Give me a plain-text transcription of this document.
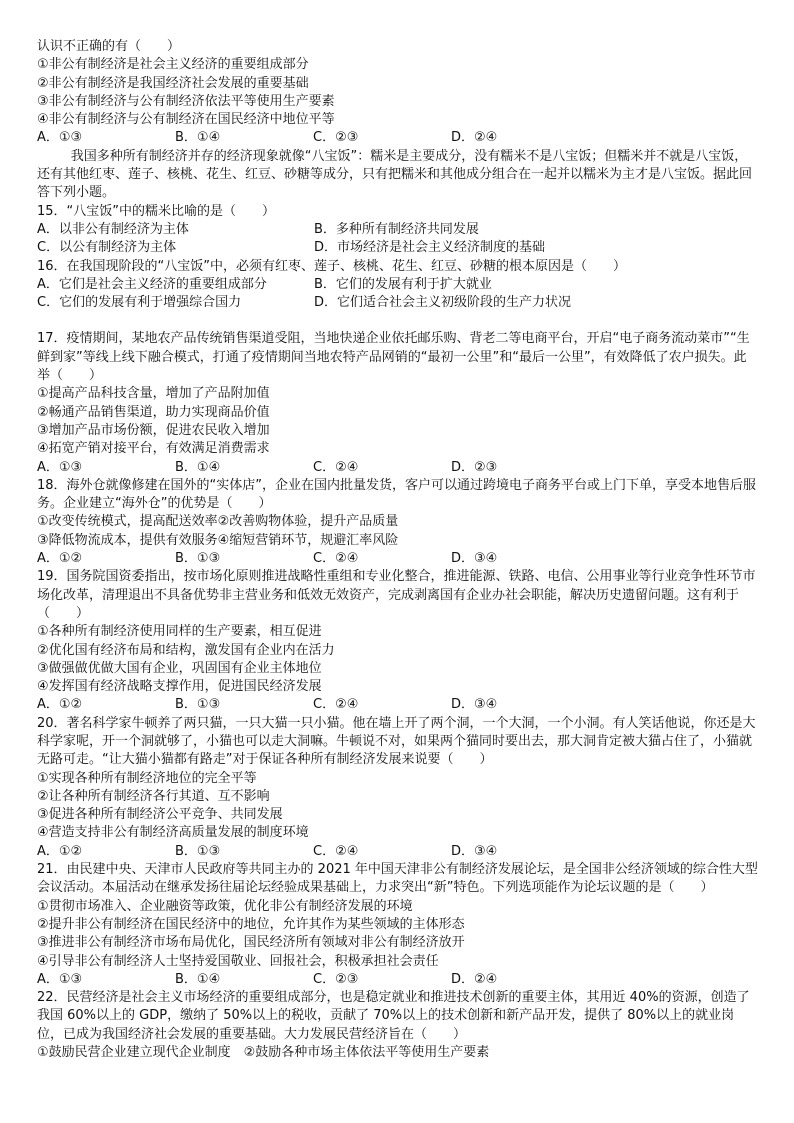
认识不正确的有（　　）
①非公有制经济是社会主义经济的重要组成部分
②非公有制经济是我国经济社会发展的重要基础
③非公有制经济与公有制经济依法平等使用生产要素
④非公有制经济与公有制经济在国民经济中地位平等
A．①③	B．①④	C．②③	D．②④
我国多种所有制经济并存的经济现象就像“八宝饭”：糯米是主要成分，没有糯米不是八宝饭；但糯米并不就是八宝饭，还有其他红枣、莲子、核桃、花生、红豆、砂糖等成分，只有把糯米和其他成分组合在一起并以糯米为主才是八宝饭。据此回答下列小题。
15．“八宝饭”中的糯米比喻的是（　　）
A．以非公有制经济为主体	B．多种所有制经济共同发展
C．以公有制经济为主体	D．市场经济是社会主义经济制度的基础
16．在我国现阶段的“八宝饭”中，必须有红枣、莲子、核桃、花生、红豆、砂糖的根本原因是（　　）
A．它们是社会主义经济的重要组成部分	B．它们的发展有利于扩大就业
C．它们的发展有利于增强综合国力	D．它们适合社会主义初级阶段的生产力状况
17．疫情期间，某地农产品传统销售渠道受阻，当地快递企业依托邮乐购、背老二等电商平台，开启“电子商务流动菜市”“生鲜到家”等线上线下融合模式，打通了疫情期间当地农特产品网销的“最初一公里”和“最后一公里”，有效降低了农户损失。此举（　　）
①提高产品科技含量，增加了产品附加值
②畅通产品销售渠道，助力实现商品价值
③增加产品市场份额，促进农民收入增加
④拓宽产销对接平台，有效满足消费需求
A．①③	B．①④	C．②④	D．②③
18．海外仓就像修建在国外的“实体店”，企业在国内批量发货，客户可以通过跨境电子商务平台或上门下单，享受本地售后服务。企业建立“海外仓”的优势是（　　）
①改变传统模式，提高配送效率②改善购物体验，提升产品质量
③降低物流成本，提供有效服务④缩短营销环节，规避汇率风险
A．①②	B．①③	C．②④	D．③④
19．国务院国资委指出，按市场化原则推进战略性重组和专业化整合，推进能源、铁路、电信、公用事业等行业竞争性环节市场化改革，清理退出不具备优势非主营业务和低效无效资产，完成剥离国有企业办社会职能，解决历史遗留问题。这有利于（　　）
①各种所有制经济使用同样的生产要素，相互促进
②优化国有经济布局和结构，激发国有企业内在活力
③做强做优做大国有企业，巩固国有企业主体地位
④发挥国有经济战略支撑作用，促进国民经济发展
A．①②	B．①③	C．②④	D．③④
20．著名科学家牛顿养了两只猫，一只大猫一只小猫。他在墙上开了两个洞，一个大洞，一个小洞。有人笑话他说，你还是大科学家呢，开一个洞就够了，小猫也可以走大洞嘛。牛顿说不对，如果两个猫同时要出去，那大洞肯定被大猫占住了，小猫就无路可走。“让大猫小猫都有路走”对于保证各种所有制经济发展来说要（　　）
①实现各种所有制经济地位的完全平等
②让各种所有制经济各行其道、互不影响
③促进各种所有制经济公平竞争、共同发展
④营造支持非公有制经济高质量发展的制度环境
A．①②	B．①③	C．②④	D．③④
21．由民建中央、天津市人民政府等共同主办的 2021 年中国天津非公有制经济发展论坛，是全国非公经济领域的综合性大型会议活动。本届活动在继承发扬往届论坛经验成果基础上，力求突出“新”特色。下列选项能作为论坛议题的是（　　）
①贯彻市场准入、企业融资等政策，优化非公有制经济发展的环境
②提升非公有制经济在国民经济中的地位，允许其作为某些领域的主体形态
③推进非公有制经济市场布局优化，国民经济所有领域对非公有制经济放开
④引导非公有制经济人士坚持爱国敬业、回报社会，积极承担社会责任
A．①③	B．①④	C．②③	D．②④
22．民营经济是社会主义市场经济的重要组成部分，也是稳定就业和推进技术创新的重要主体，其用近 40%的资源，创造了我国 60%以上的 GDP，缴纳了 50%以上的税收，贡献了 70%以上的技术创新和新产品开发，提供了 80%以上的就业岗位，已成为我国经济社会发展的重要基础。大力发展民营经济旨在（　　）
①鼓励民营企业建立现代企业制度　②鼓励各种市场主体依法平等使用生产要素
